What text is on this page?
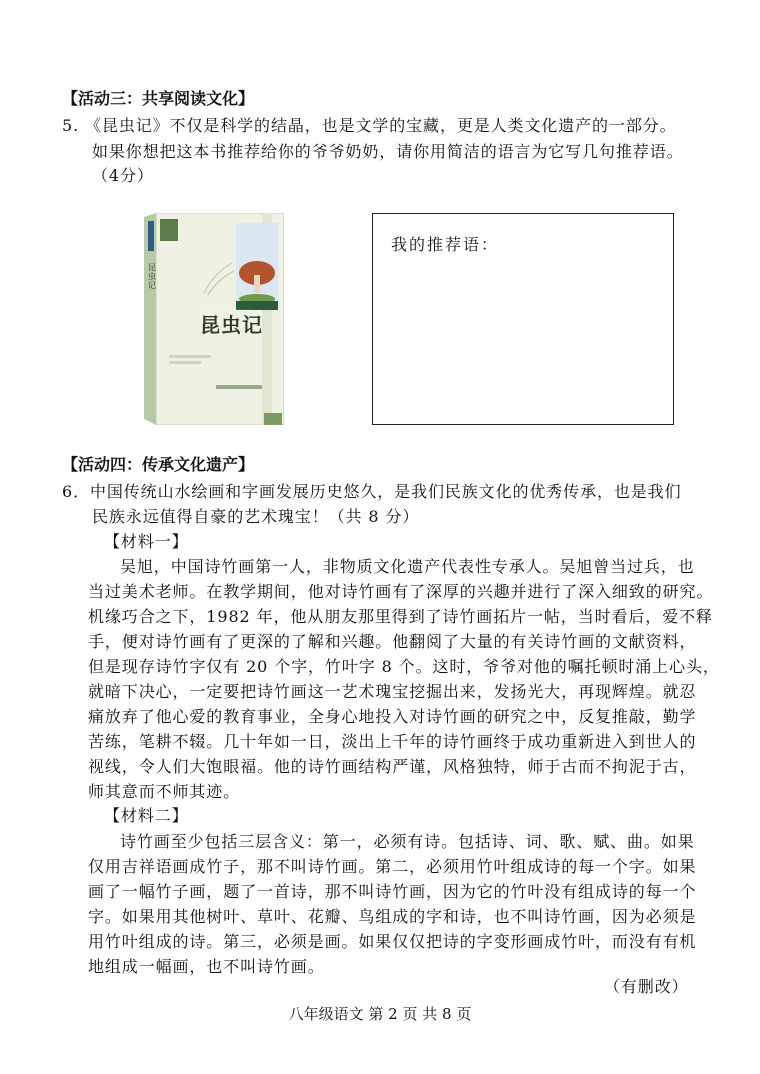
【活动三：共享阅读文化】
5. 《昆虫记》不仅是科学的结晶，也是文学的宝藏，更是人类文化遗产的一部分。
如果你想把这本书推荐给你的爷爷奶奶，请你用简洁的语言为它写几句推荐语。
（4分）
昆虫记
教育部统编语文推荐阅读丛书
昆虫记
我的推荐语：
【活动四：传承文化遗产】
6．中国传统山水绘画和字画发展历史悠久，是我们民族文化的优秀传承，也是我们
民族永远值得自豪的艺术瑰宝！（共 8 分）
【材料一】
吴旭，中国诗竹画第一人，非物质文化遗产代表性专承人。吴旭曾当过兵，也
当过美术老师。在教学期间，他对诗竹画有了深厚的兴趣并进行了深入细致的研究。
机缘巧合之下，1982 年，他从朋友那里得到了诗竹画拓片一帖，当时看后，爱不释
手，便对诗竹画有了更深的了解和兴趣。他翻阅了大量的有关诗竹画的文献资料，
但是现存诗竹字仅有 20 个字，竹叶字 8 个。这时，爷爷对他的嘱托顿时涌上心头，
就暗下决心，一定要把诗竹画这一艺术瑰宝挖掘出来，发扬光大，再现辉煌。就忍
痛放弃了他心爱的教育事业，全身心地投入对诗竹画的研究之中，反复推敲，勤学
苦练，笔耕不辍。几十年如一日，淡出上千年的诗竹画终于成功重新进入到世人的
视线，令人们大饱眼福。他的诗竹画结构严谨，风格独特，师于古而不拘泥于古，
师其意而不师其迹。
【材料二】
诗竹画至少包括三层含义：第一，必须有诗。包括诗、词、歌、赋、曲。如果
仅用吉祥语画成竹子，那不叫诗竹画。第二，必须用竹叶组成诗的每一个字。如果
画了一幅竹子画，题了一首诗，那不叫诗竹画，因为它的竹叶没有组成诗的每一个
字。如果用其他树叶、草叶、花瓣、鸟组成的字和诗，也不叫诗竹画，因为必须是
用竹叶组成的诗。第三，必须是画。如果仅仅把诗的字变形画成竹叶，而没有有机
地组成一幅画，也不叫诗竹画。
（有删改）
八年级语文 第 2 页 共 8 页
